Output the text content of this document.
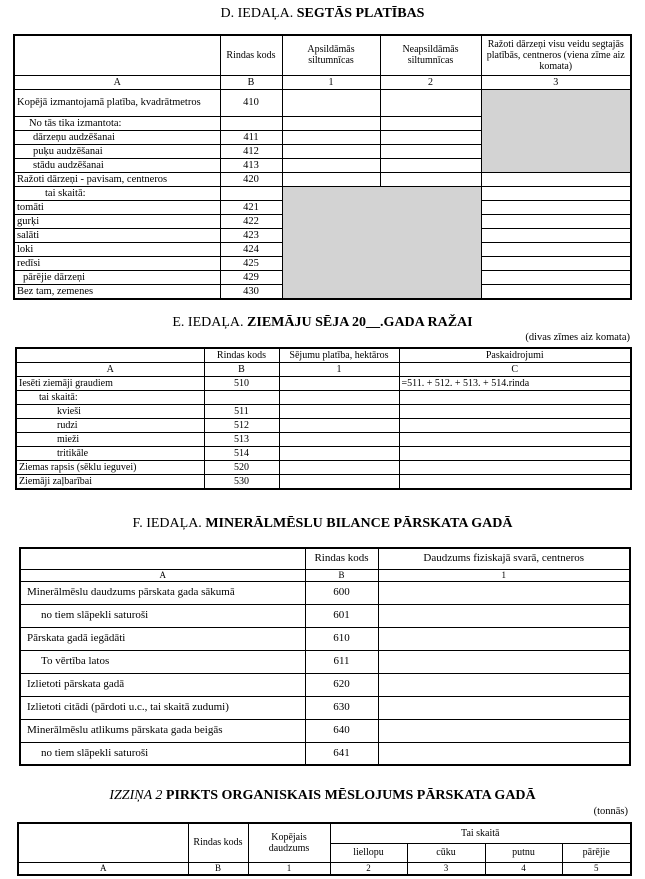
D. IEDAĻA. SEGTĀS PLATĪBAS
	Rindas kods	Apsildāmās siltumnīcas	Neapsildāmās siltumnīcas	Ražoti dārzeņi visu veidu segtajās platībās, centneros (viena zīme aiz komata)
A	B	1	2	3
Kopējā izmantojamā platība, kvadrātmetros	410			
No tās tika izmantota:				
dārzeņu audzēšanai	411			
puķu audzēšanai	412			
stādu audzēšanai	413			
Ražoti dārzeņi - pavisam, centneros	420			
tai skaitā:				
tomāti	421			
gurķi	422			
salāti	423			
loki	424			
redīsi	425			
pārējie dārzeņi	429			
Bez tam, zemenes	430			
E. IEDAĻA. ZIEMĀJU SĒJA 20__.GADA RAŽAI
(divas zīmes aiz komata)
	Rindas kods	Sējumu platība, hektāros	Paskaidrojumi
A	B	1	C
Iesēti ziemāji graudiem	510		=511. + 512. + 513. + 514.rinda
tai skaitā:			
kvieši	511		
rudzi	512		
mieži	513		
tritikāle	514		
Ziemas rapsis (sēklu ieguvei)	520		
Ziemāji zaļbarībai	530		
F. IEDAĻA. MINERĀLMĒSLU BILANCE PĀRSKATA GADĀ
	Rindas kods	Daudzums fiziskajā svarā, centneros
A	B	1
Minerālmēslu daudzums pārskata gada sākumā	600	
no tiem slāpekli saturoši	601	
Pārskata gadā iegādāti	610	
To vērtība latos	611	
Izlietoti pārskata gadā	620	
Izlietoti citādi (pārdoti u.c., tai skaitā zudumi)	630	
Minerālmēslu atlikums pārskata gada beigās	640	
no tiem slāpekli saturoši	641	
IZZIŅA 2 PIRKTS ORGANISKAIS MĒSLOJUMS PĀRSKATA GADĀ
(tonnās)
	Rindas kods	Kopējais daudzums	Tai skaitā			
			liellopu	cūku	putnu	pārējie
A	B	1	2	3	4	5
